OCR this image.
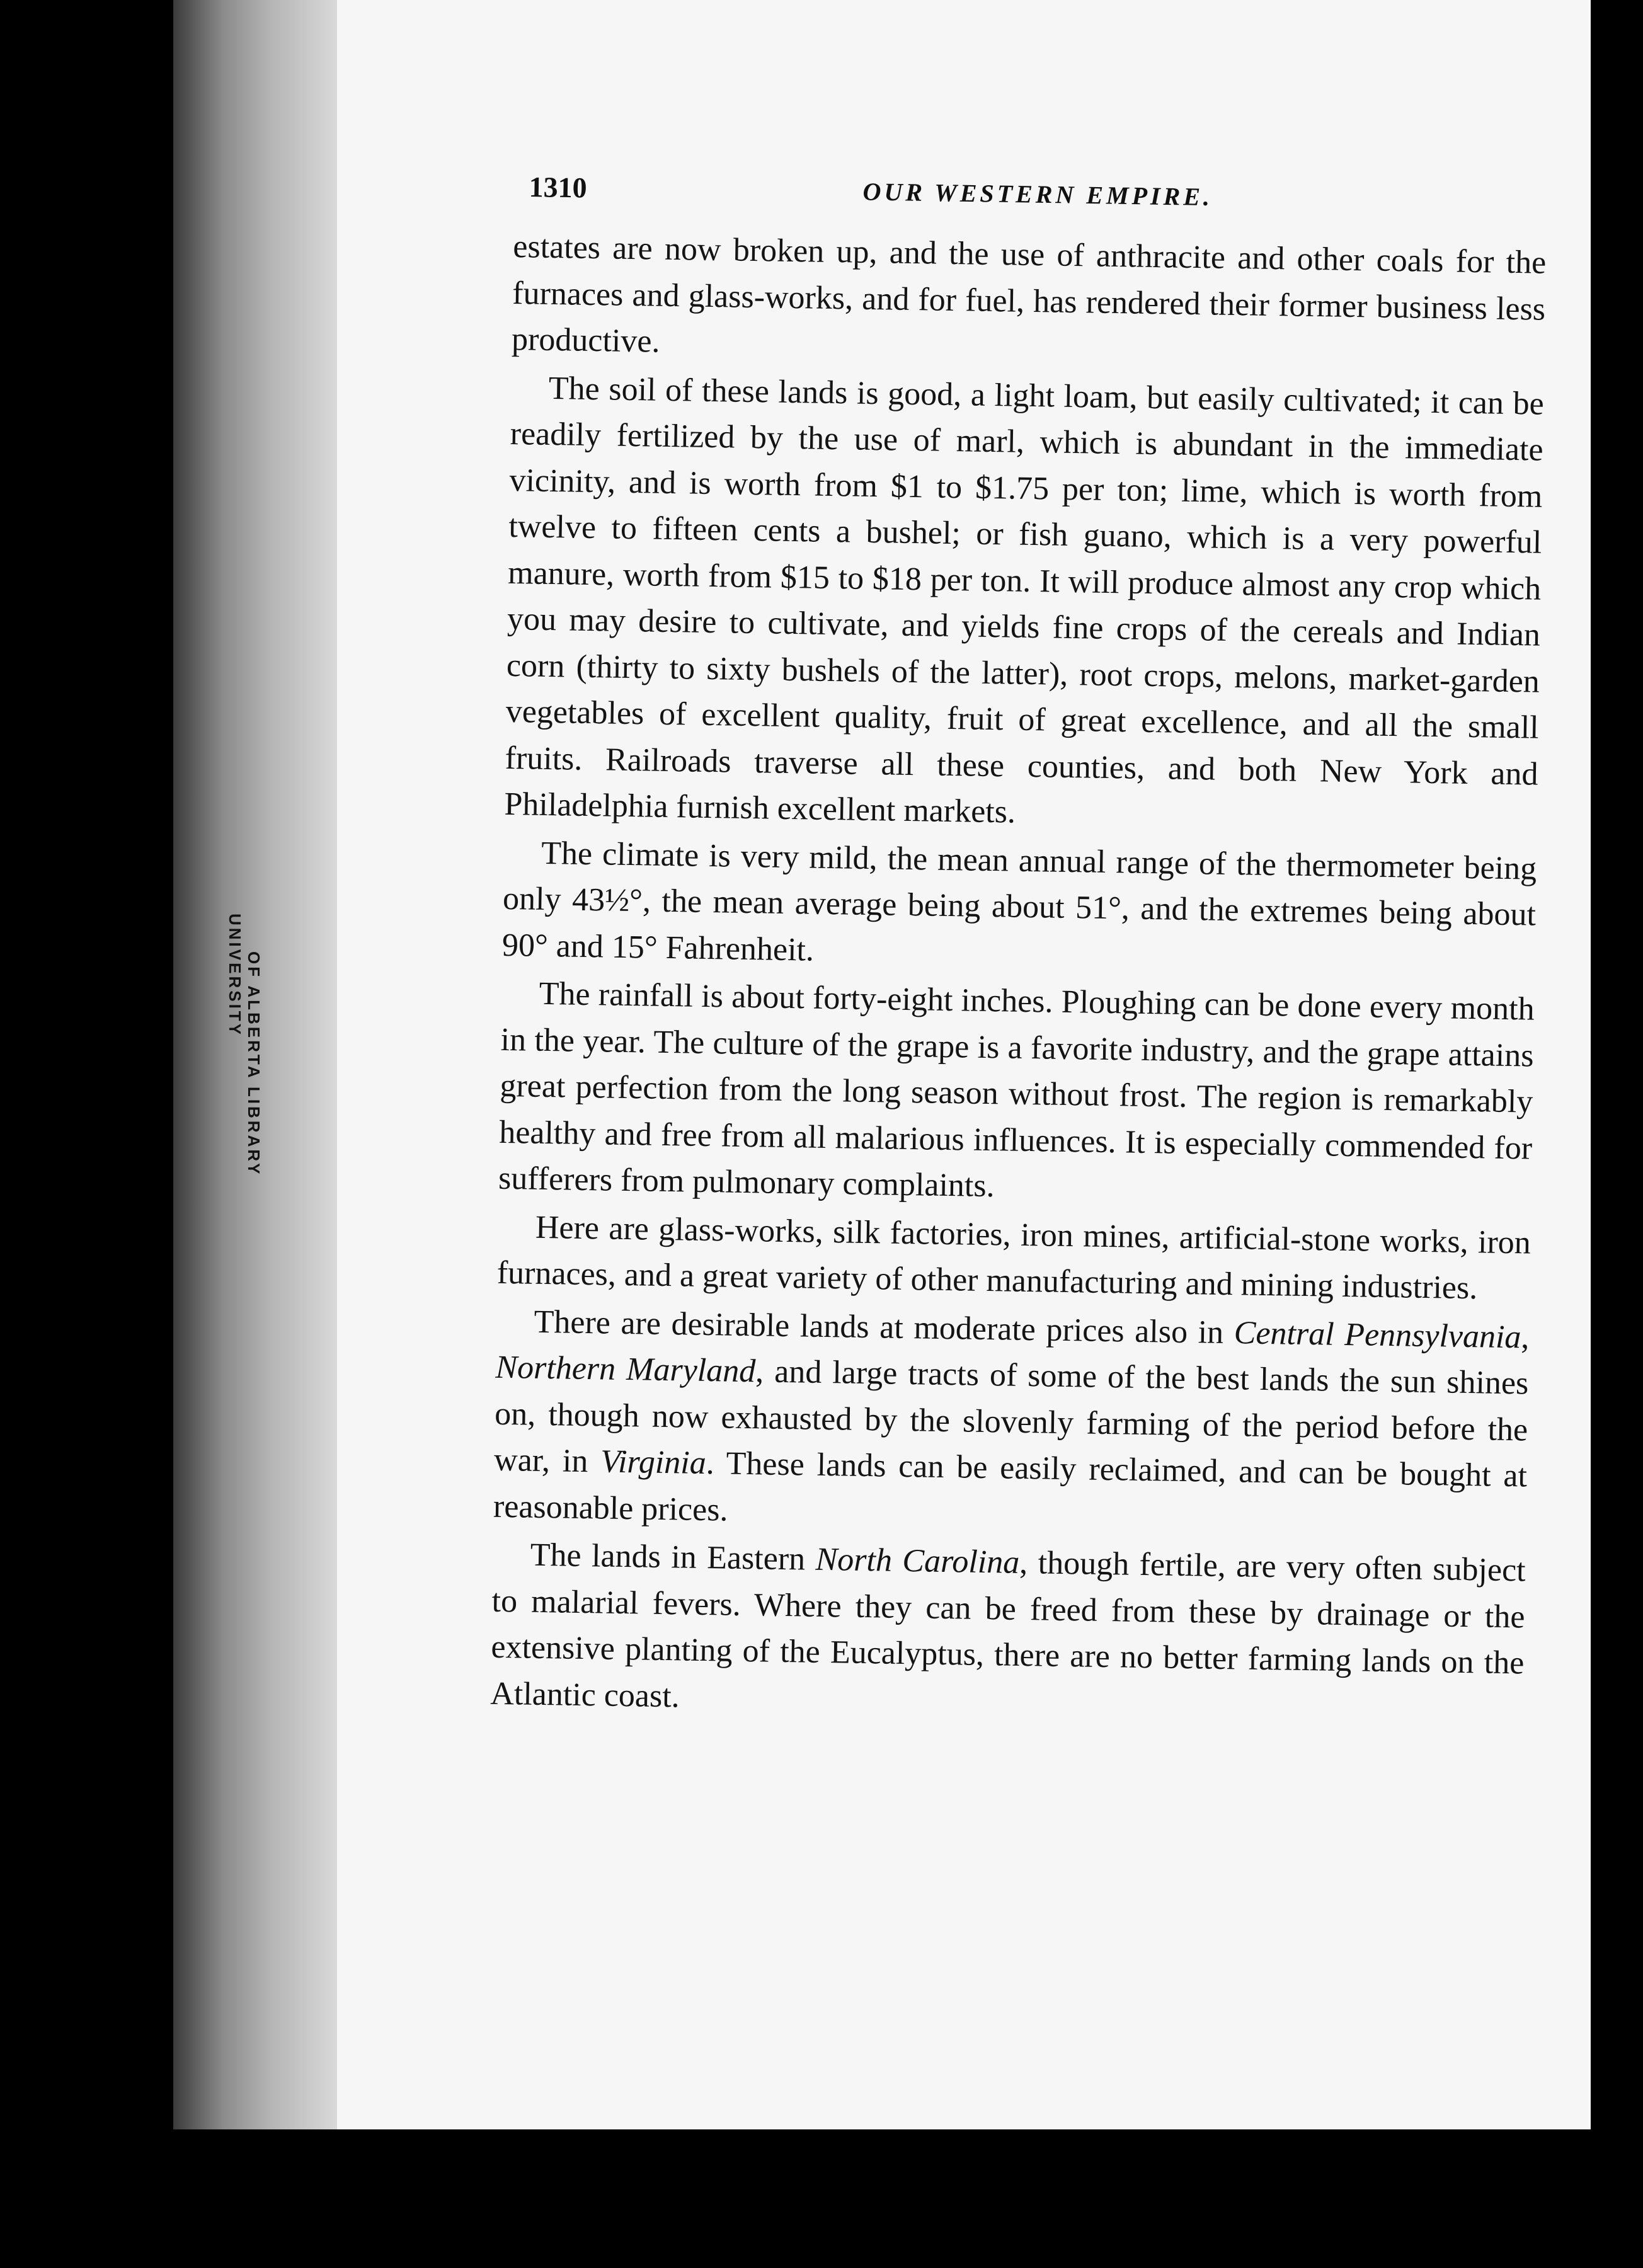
UNIVERSITY OF ALBERTA LIBRARY
1310	OUR WESTERN EMPIRE.

estates are now broken up, and the use of anthracite and other coals for the furnaces and glass-works, and for fuel, has rendered their former business less productive.

The soil of these lands is good, a light loam, but easily cultivated; it can be readily fertilized by the use of marl, which is abundant in the immediate vicinity, and is worth from $1 to $1.75 per ton; lime, which is worth from twelve to fifteen cents a bushel; or fish guano, which is a very powerful manure, worth from $15 to $18 per ton. It will produce almost any crop which you may desire to cultivate, and yields fine crops of the cereals and Indian corn (thirty to sixty bushels of the latter), root crops, melons, market-garden vegetables of excellent quality, fruit of great excellence, and all the small fruits. Railroads traverse all these counties, and both New York and Philadelphia furnish excellent markets.

The climate is very mild, the mean annual range of the thermometer being only 43½°, the mean average being about 51°, and the extremes being about 90° and 15° Fahrenheit.

The rainfall is about forty-eight inches. Ploughing can be done every month in the year. The culture of the grape is a favorite industry, and the grape attains great perfection from the long season without frost. The region is remarkably healthy and free from all malarious influences. It is especially commended for sufferers from pulmonary complaints.

Here are glass-works, silk factories, iron mines, artificial-stone works, iron furnaces, and a great variety of other manufacturing and mining industries.

There are desirable lands at moderate prices also in Central Pennsylvania, Northern Maryland, and large tracts of some of the best lands the sun shines on, though now exhausted by the slovenly farming of the period before the war, in Virginia. These lands can be easily reclaimed, and can be bought at reasonable prices.

The lands in Eastern North Carolina, though fertile, are very often subject to malarial fevers. Where they can be freed from these by drainage or the extensive planting of the Eucalyptus, there are no better farming lands on the Atlantic coast.
